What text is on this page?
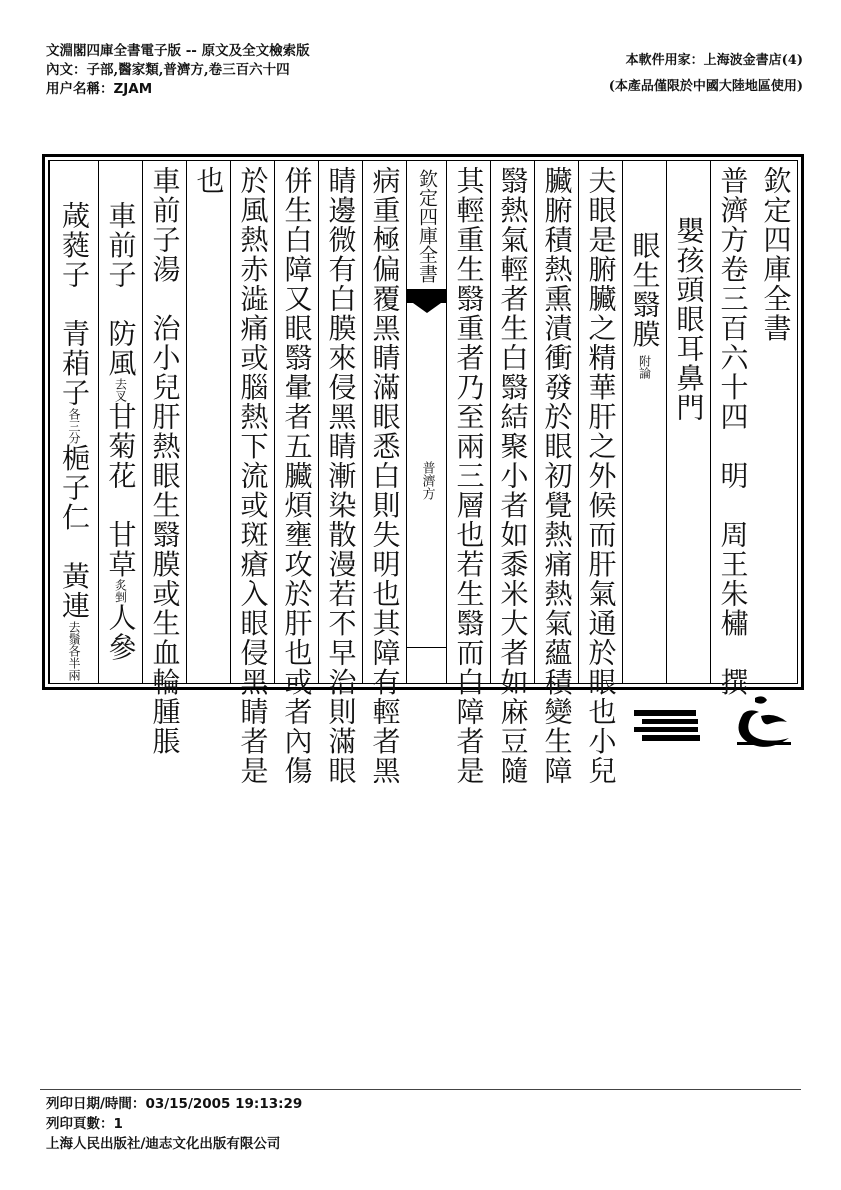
文淵閣四庫全書電子版 -- 原文及全文檢索版
內文：子部,醫家類,普濟方,卷三百六十四
用户名稱：ZJAM
本軟件用家：上海波金書店(4)
(本產品僅限於中國大陸地區使用)
欽定四庫全書
普濟方卷三百六十四　明　周王朱橚　撰
嬰孩頭眼耳鼻門
眼生翳膜附論
夫眼是腑臟之精華肝之外候而肝氣通於眼也小兒
臟腑積熱熏漬衝發於眼初覺熱痛熱氣蘊積變生障
翳熱氣輕者生白翳結聚小者如黍米大者如麻豆隨
其輕重生翳重者乃至兩三層也若生翳而白障者是
欽定四庫全書
普濟方
病重極偏覆黑睛滿眼悉白則失明也其障有輕者黑
睛邊微有白膜來侵黑睛漸染散漫若不早治則滿眼
併生白障又眼翳暈者五臟煩壅攻於肝也或者內傷
於風熱赤澁痛或腦熱下流或斑瘡入眼侵黑睛者是
也
車前子湯　治小兒肝熱眼生翳膜或生血輪腫脹
車前子　防風去叉甘菊花　甘草炙剉人參
葴蕤子　青葙子各三分梔子仁　黃連去鬚各半兩
列印日期/時間：03/15/2005 19:13:29
列印頁數：1
上海人民出版社/迪志文化出版有限公司
